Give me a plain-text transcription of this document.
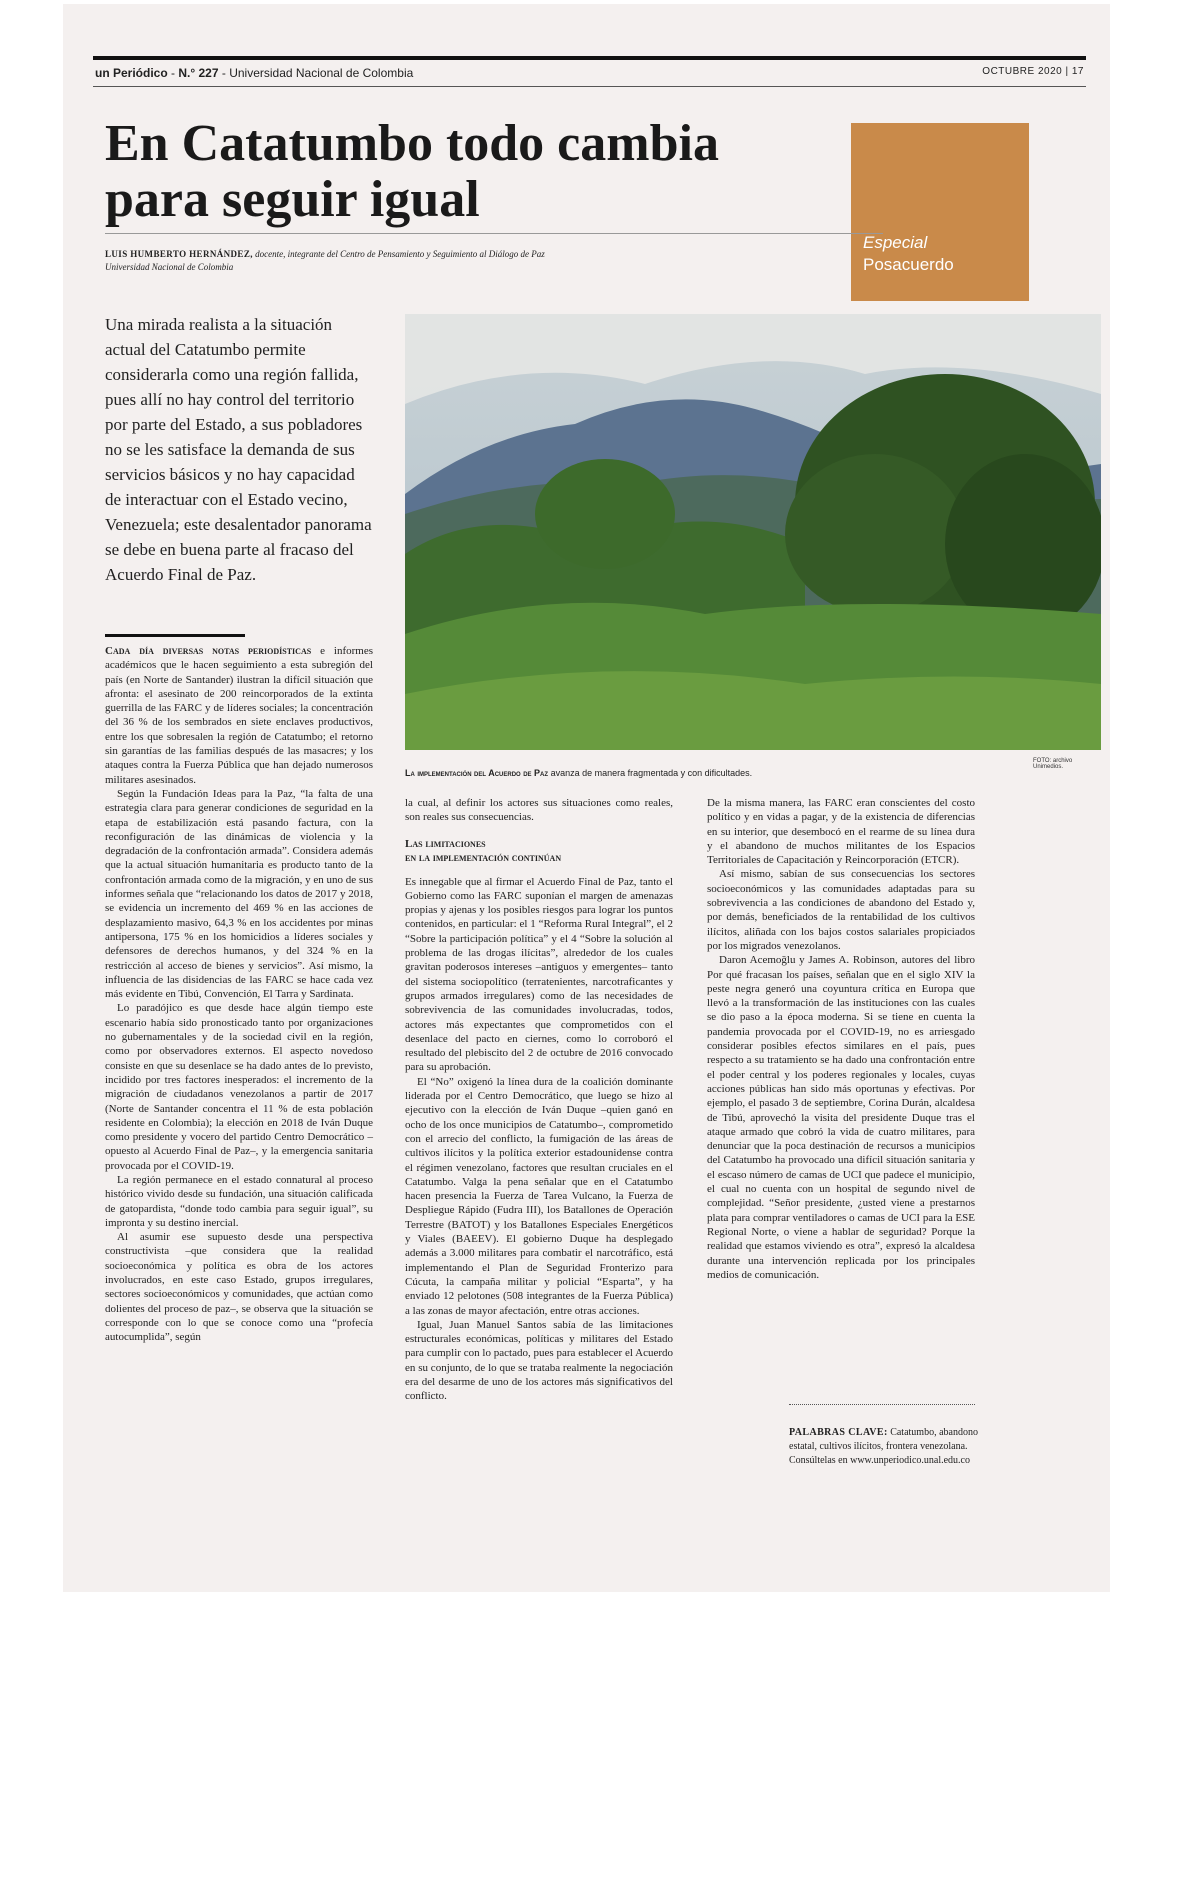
un Periódico - N.° 227 - Universidad Nacional de Colombia	OCTUBRE 2020 | 17
En Catatumbo todo cambia para seguir igual
Especial
Posacuerdo
LUIS HUMBERTO HERNÁNDEZ, docente, integrante del Centro de Pensamiento y Seguimiento al Diálogo de Paz
Universidad Nacional de Colombia

Una mirada realista a la situación actual del Catatumbo permite considerarla como una región fallida, pues allí no hay control del territorio por parte del Estado, a sus pobladores no se les satisface la demanda de sus servicios básicos y no hay capacidad de interactuar con el Estado vecino, Venezuela; este desalentador panorama se debe en buena parte al fracaso del Acuerdo Final de Paz.

FOTO: archivo Unimedios.
La implementación del Acuerdo de Paz avanza de manera fragmentada y con dificultades.

Cada día diversas notas periodísticas e informes académicos que le hacen seguimiento a esta subregión del país (en Norte de Santander) ilustran la difícil situación que afronta: el asesinato de 200 reincorporados de la extinta guerrilla de las FARC y de líderes sociales; la concentración del 36 % de los sembrados en siete enclaves productivos, entre los que sobresalen la región de Catatumbo; el retorno sin garantías de las familias después de las masacres; y los ataques contra la Fuerza Pública que han dejado numerosos militares asesinados.

Según la Fundación Ideas para la Paz, “la falta de una estrategia clara para generar condiciones de seguridad en la etapa de estabilización está pasando factura, con la reconfiguración de las dinámicas de violencia y la degradación de la confrontación armada”. Considera además que la actual situación humanitaria es producto tanto de la confrontación armada como de la migración, y en uno de sus informes señala que “relacionando los datos de 2017 y 2018, se evidencia un incremento del 469 % en las acciones de desplazamiento masivo, 64,3 % en los accidentes por minas antipersona, 175 % en los homicidios a líderes sociales y defensores de derechos humanos, y del 324 % en la restricción al acceso de bienes y servicios”. Así mismo, la influencia de las disidencias de las FARC se hace cada vez más evidente en Tibú, Convención, El Tarra y Sardinata.

Lo paradójico es que desde hace algún tiempo este escenario había sido pronosticado tanto por organizaciones no gubernamentales y de la sociedad civil en la región, como por observadores externos. El aspecto novedoso consiste en que su desenlace se ha dado antes de lo previsto, incidido por tres factores inesperados: el incremento de la migración de ciudadanos venezolanos a partir de 2017 (Norte de Santander concentra el 11 % de esta población residente en Colombia); la elección en 2018 de Iván Duque como presidente y vocero del partido Centro Democrático –opuesto al Acuerdo Final de Paz–, y la emergencia sanitaria provocada por el COVID-19.

La región permanece en el estado connatural al proceso histórico vivido desde su fundación, una situación calificada de gatopardista, “donde todo cambia para seguir igual”, su impronta y su destino inercial.

Al asumir ese supuesto desde una perspectiva constructivista –que considera que la realidad socioeconómica y política es obra de los actores involucrados, en este caso Estado, grupos irregulares, sectores socioeconómicos y comunidades, que actúan como dolientes del proceso de paz–, se observa que la situación se corresponde con lo que se conoce como una “profecía autocumplida”, según

la cual, al definir los actores sus situaciones como reales, son reales sus consecuencias.

Las limitaciones
en la implementación continúan

Es innegable que al firmar el Acuerdo Final de Paz, tanto el Gobierno como las FARC suponían el margen de amenazas propias y ajenas y los posibles riesgos para lograr los puntos contenidos, en particular: el 1 “Reforma Rural Integral”, el 2 “Sobre la participación política” y el 4 “Sobre la solución al problema de las drogas ilícitas”, alrededor de los cuales gravitan poderosos intereses –antiguos y emergentes– tanto del sistema sociopolítico (terratenientes, narcotraficantes y grupos armados irregulares) como de las necesidades de sobrevivencia de las comunidades involucradas, todos, actores más expectantes que comprometidos con el desenlace del pacto en ciernes, como lo corroboró el resultado del plebiscito del 2 de octubre de 2016 convocado para su aprobación.

El “No” oxigenó la línea dura de la coalición dominante liderada por el Centro Democrático, que luego se hizo al ejecutivo con la elección de Iván Duque –quien ganó en ocho de los once municipios de Catatumbo–, comprometido con el arrecio del conflicto, la fumigación de las áreas de cultivos ilícitos y la política exterior estadounidense contra el régimen venezolano, factores que resultan cruciales en el Catatumbo. Valga la pena señalar que en el Catatumbo hacen presencia la Fuerza de Tarea Vulcano, la Fuerza de Despliegue Rápido (Fudra III), los Batallones de Operación Terrestre (BATOT) y los Batallones Especiales Energéticos y Viales (BAEEV). El gobierno Duque ha desplegado además a 3.000 militares para combatir el narcotráfico, está implementando el Plan de Seguridad Fronterizo para Cúcuta, la campaña militar y policial “Esparta”, y ha enviado 12 pelotones (508 integrantes de la Fuerza Pública) a las zonas de mayor afectación, entre otras acciones.

Igual, Juan Manuel Santos sabía de las limitaciones estructurales económicas, políticas y militares del Estado para cumplir con lo pactado, pues para establecer el Acuerdo en su conjunto, de lo que se trataba realmente la negociación era del desarme de uno de los actores más significativos del conflicto.

De la misma manera, las FARC eran conscientes del costo político y en vidas a pagar, y de la existencia de diferencias en su interior, que desembocó en el rearme de su línea dura y el abandono de muchos militantes de los Espacios Territoriales de Capacitación y Reincorporación (ETCR).

Así mismo, sabían de sus consecuencias los sectores socioeconómicos y las comunidades adaptadas para su sobrevivencia a las condiciones de abandono del Estado y, por demás, beneficiados de la rentabilidad de los cultivos ilícitos, aliñada con los bajos costos salariales propiciados por los migrados venezolanos.

Daron Acemoğlu y James A. Robinson, autores del libro Por qué fracasan los países, señalan que en el siglo XIV la peste negra generó una coyuntura crítica en Europa que llevó a la transformación de las instituciones con las cuales se dio paso a la época moderna. Si se tiene en cuenta la pandemia provocada por el COVID-19, no es arriesgado considerar posibles efectos similares en el país, pues respecto a su tratamiento se ha dado una confrontación entre el poder central y los poderes regionales y locales, cuyas acciones públicas han sido más oportunas y efectivas. Por ejemplo, el pasado 3 de septiembre, Corina Durán, alcaldesa de Tibú, aprovechó la visita del presidente Duque tras el ataque armado que cobró la vida de cuatro militares, para denunciar que la poca destinación de recursos a municipios del Catatumbo ha provocado una difícil situación sanitaria y el escaso número de camas de UCI que padece el municipio, el cual no cuenta con un hospital de segundo nivel de complejidad. “Señor presidente, ¿usted viene a prestarnos plata para comprar ventiladores o camas de UCI para la ESE Regional Norte, o viene a hablar de seguridad? Porque la realidad que estamos viviendo es otra”, expresó la alcaldesa durante una intervención replicada por los principales medios de comunicación.

PALABRAS CLAVE: Catatumbo, abandono estatal, cultivos ilícitos, frontera venezolana. Consúltelas en www.unperiodico.unal.edu.co
